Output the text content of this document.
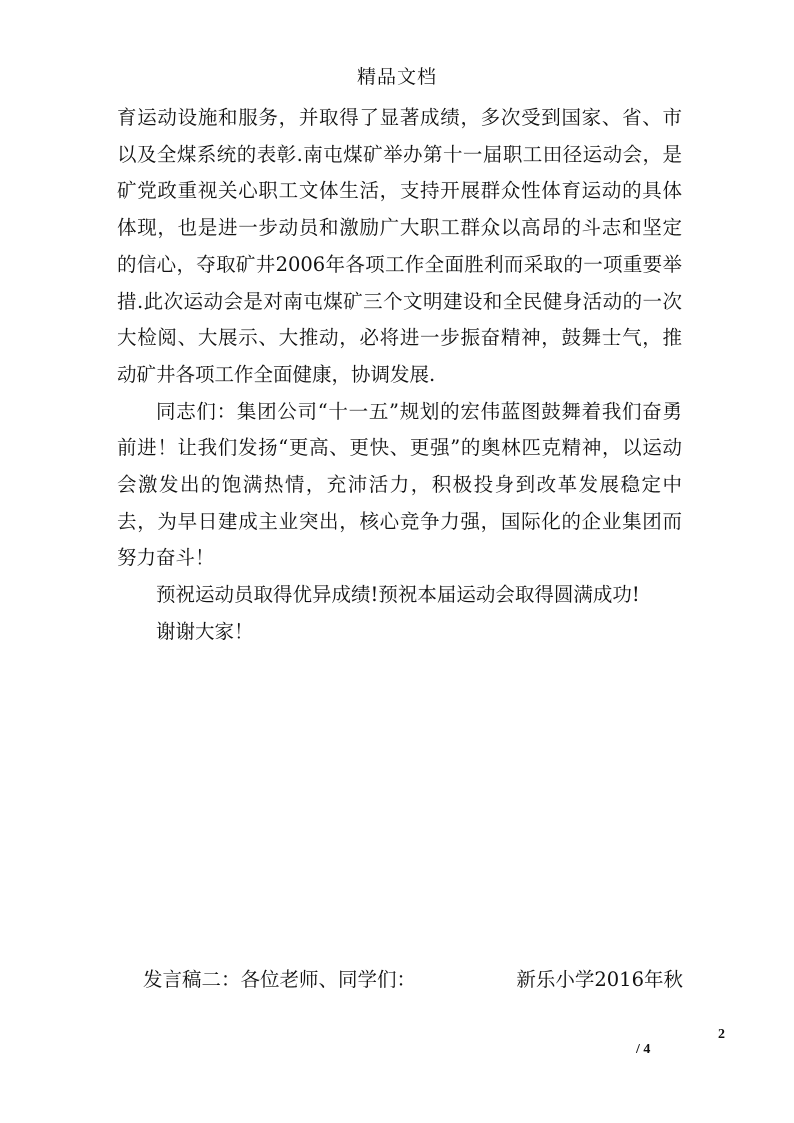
精品文档

育运动设施和服务，并取得了显著成绩，多次受到国家、省、市以及全煤系统的表彰.南屯煤矿举办第十一届职工田径运动会，是矿党政重视关心职工文体生活，支持开展群众性体育运动的具体体现，也是进一步动员和激励广大职工群众以高昂的斗志和坚定的信心，夺取矿井2006年各项工作全面胜利而采取的一项重要举措.此次运动会是对南屯煤矿三个文明建设和全民健身活动的一次大检阅、大展示、大推动，必将进一步振奋精神，鼓舞士气，推动矿井各项工作全面健康，协调发展.

同志们：集团公司“十一五”规划的宏伟蓝图鼓舞着我们奋勇前进！让我们发扬“更高、更快、更强”的奥林匹克精神，以运动会激发出的饱满热情，充沛活力，积极投身到改革发展稳定中去，为早日建成主业突出，核心竞争力强，国际化的企业集团而努力奋斗！

预祝运动员取得优异成绩!预祝本届运动会取得圆满成功!

谢谢大家！

发言稿二：各位老师、同学们：	新乐小学2016年秋
2
/ 4
